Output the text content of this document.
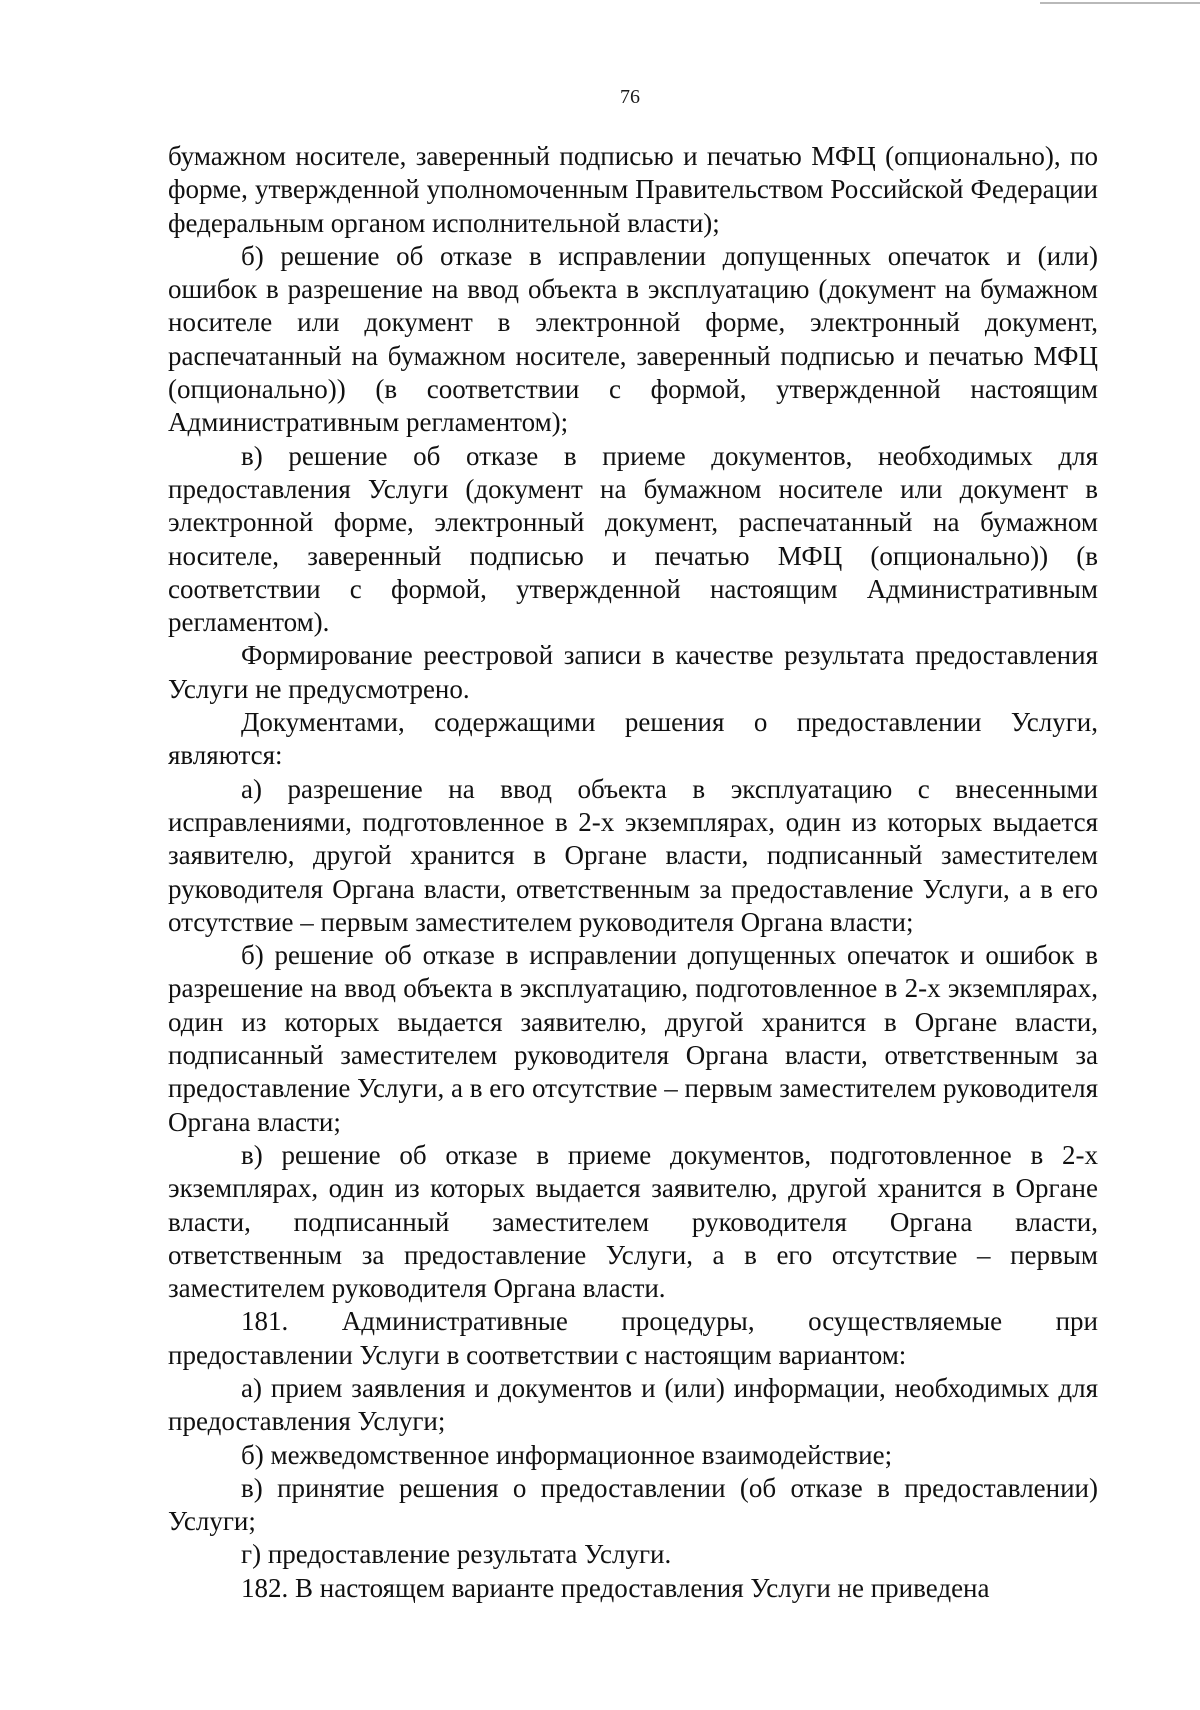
76

бумажном носителе, заверенный подписью и печатью МФЦ (опционально), по форме, утвержденной уполномоченным Правительством Российской Федерации федеральным органом исполнительной власти);

б) решение об отказе в исправлении допущенных опечаток и (или) ошибок в разрешение на ввод объекта в эксплуатацию (документ на бумажном носителе или документ в электронной форме, электронный документ, распечатанный на бумажном носителе, заверенный подписью и печатью МФЦ (опционально)) (в соответствии с формой, утвержденной настоящим Административным регламентом);

в) решение об отказе в приеме документов, необходимых для предоставления Услуги (документ на бумажном носителе или документ в электронной форме, электронный документ, распечатанный на бумажном носителе, заверенный подписью и печатью МФЦ (опционально)) (в соответствии с формой, утвержденной настоящим Административным регламентом).

Формирование реестровой записи в качестве результата предоставления Услуги не предусмотрено.

Документами, содержащими решения о предоставлении Услуги, являются:

а) разрешение на ввод объекта в эксплуатацию с внесенными исправлениями, подготовленное в 2-х экземплярах, один из которых выдается заявителю, другой хранится в Органе власти, подписанный заместителем руководителя Органа власти, ответственным за предоставление Услуги, а в его отсутствие – первым заместителем руководителя Органа власти;

б) решение об отказе в исправлении допущенных опечаток и ошибок в разрешение на ввод объекта в эксплуатацию, подготовленное в 2-х экземплярах, один из которых выдается заявителю, другой хранится в Органе власти, подписанный заместителем руководителя Органа власти, ответственным за предоставление Услуги, а в его отсутствие – первым заместителем руководителя Органа власти;

в) решение об отказе в приеме документов, подготовленное в 2-х экземплярах, один из которых выдается заявителю, другой хранится в Органе власти, подписанный заместителем руководителя Органа власти, ответственным за предоставление Услуги, а в его отсутствие – первым заместителем руководителя Органа власти.

181. Административные процедуры, осуществляемые при предоставлении Услуги в соответствии с настоящим вариантом:

а) прием заявления и документов и (или) информации, необходимых для предоставления Услуги;

б) межведомственное информационное взаимодействие;

в) принятие решения о предоставлении (об отказе в предоставлении) Услуги;

г) предоставление результата Услуги.

182. В настоящем варианте предоставления Услуги не приведена
